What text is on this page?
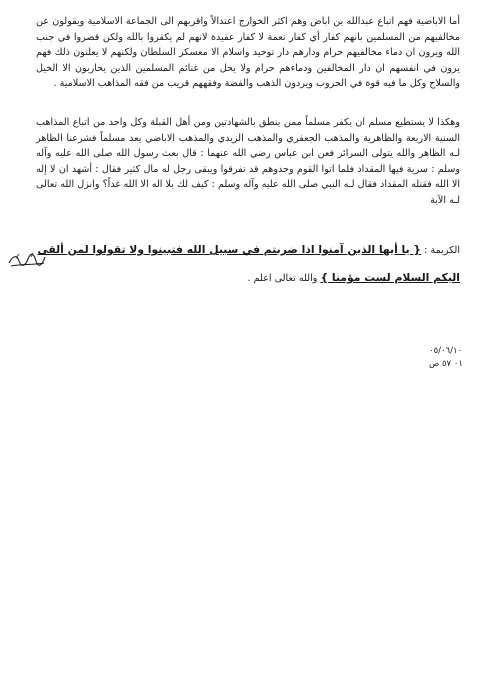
أما الاباضية فهم اتباع عبدالله بن اباض وهم اكثر الخوارج اعتدالاً واقربهم الى الجماعة الاسلامية ويقولون عن مخالفيهم من المسلمين بانهم كفار أي كفار نعمة لا كفار عقيدة لانهم لم يكفروا بالله ولكن قصروا في جنب الله ويرون ان دماء مخالفيهم حرام ودارهم دار توحيد واسلام الا معسكر السلطان ولكنهم لا يعلنون ذلك فهم يرون في انفسهم ان دار المخالفين ودماءهم حرام ولا يحل من غنائم المسلمين الذين يحاربون الا الخيل والسلاح وكل ما فيه قوة في الحروب ويردون الذهب والفضة وفقههم قريب من فقه المذاهب الاسلامية .

وهكذا لا يستطيع مسلم ان يكفر مسلماً ممن ينطق بالشهادتين ومن أهل القبلة وكل واحد من اتباع المذاهب السنية الاربعة والظاهرية والمذهب الجعفري والمذهب الزيدي والمذهب الاباضي يعد مسلماً فشرعنا الظاهر لـه الظاهر والله يتولى السرائر فعن ابن عباس رضي الله عنهما : قال بعث رسول الله صلى الله عليه وآله وسلم : سرية فيها المقداد فلما اتوا القوم وجدوهم قد تفرقوا ويبقى رجل له مال كثير فقال : أشهد ان لا إله الا الله فقتله المقداد فقال لـه النبي صلى الله عليه وآله وسلم : كيف لك بلا اله الا الله غداً؟ وانزل الله تعالى لـه الآية

الكريمة : { يا أيها الذين آمنوا اذا ضربتم في سبيل الله فتبينوا ولا تقولوا لمن ألقى

اليكم السلام لست مؤمنا } والله تعالى اعلم .

٠٥/٠٦/١٠

٠١ ٥٧ ص
